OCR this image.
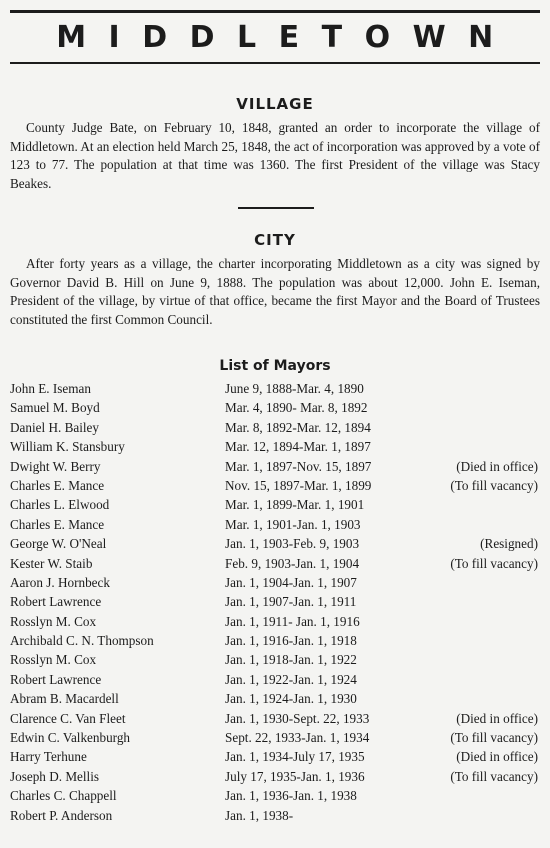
MIDDLETOWN
VILLAGE
County Judge Bate, on February 10, 1848, granted an order to incorporate the village of Middletown. At an election held March 25, 1848, the act of incorporation was approved by a vote of 123 to 77. The population at that time was 1360. The first President of the village was Stacy Beakes.
CITY
After forty years as a village, the charter incorporating Middletown as a city was signed by Governor David B. Hill on June 9, 1888. The population was about 12,000. John E. Iseman, President of the village, by virtue of that office, became the first Mayor and the Board of Trustees constituted the first Common Council.
List of Mayors
John E. Iseman	June 9, 1888-Mar. 4, 1890
Samuel M. Boyd	Mar. 4, 1890- Mar. 8, 1892
Daniel H. Bailey	Mar. 8, 1892-Mar. 12, 1894
William K. Stansbury	Mar. 12, 1894-Mar. 1, 1897
Dwight W. Berry	Mar. 1, 1897-Nov. 15, 1897	(Died in office)
Charles E. Mance	Nov. 15, 1897-Mar. 1, 1899	(To fill vacancy)
Charles L. Elwood	Mar. 1, 1899-Mar. 1, 1901
Charles E. Mance	Mar. 1, 1901-Jan. 1, 1903
George W. O'Neal	Jan. 1, 1903-Feb. 9, 1903	(Resigned)
Kester W. Staib	Feb. 9, 1903-Jan. 1, 1904	(To fill vacancy)
Aaron J. Hornbeck	Jan. 1, 1904-Jan. 1, 1907
Robert Lawrence	Jan. 1, 1907-Jan. 1, 1911
Rosslyn M. Cox	Jan. 1, 1911- Jan. 1, 1916
Archibald C. N. Thompson	Jan. 1, 1916-Jan. 1, 1918
Rosslyn M. Cox	Jan. 1, 1918-Jan. 1, 1922
Robert Lawrence	Jan. 1, 1922-Jan. 1, 1924
Abram B. Macardell	Jan. 1, 1924-Jan. 1, 1930
Clarence C. Van Fleet	Jan. 1, 1930-Sept. 22, 1933	(Died in office)
Edwin C. Valkenburgh	Sept. 22, 1933-Jan. 1, 1934	(To fill vacancy)
Harry Terhune	Jan. 1, 1934-July 17, 1935	(Died in office)
Joseph D. Mellis	July 17, 1935-Jan. 1, 1936	(To fill vacancy)
Charles C. Chappell	Jan. 1, 1936-Jan. 1, 1938
Robert P. Anderson	Jan. 1, 1938-
